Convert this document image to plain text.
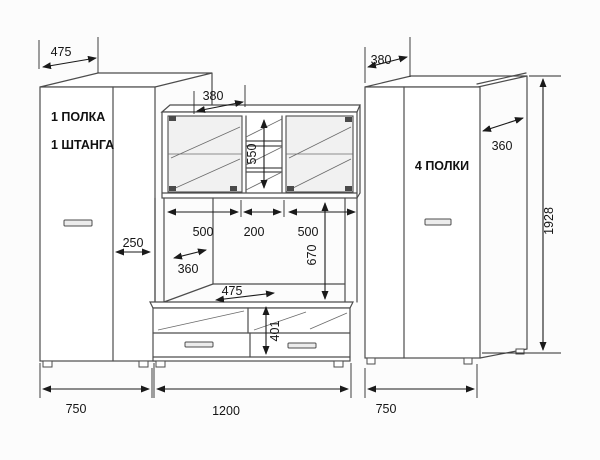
1 ПОЛКА
1 ШТАНГА
4 ПОЛКИ
475
380
380
360
1928
250
550
500 200	500
670
360
475
401
750	1200	750
